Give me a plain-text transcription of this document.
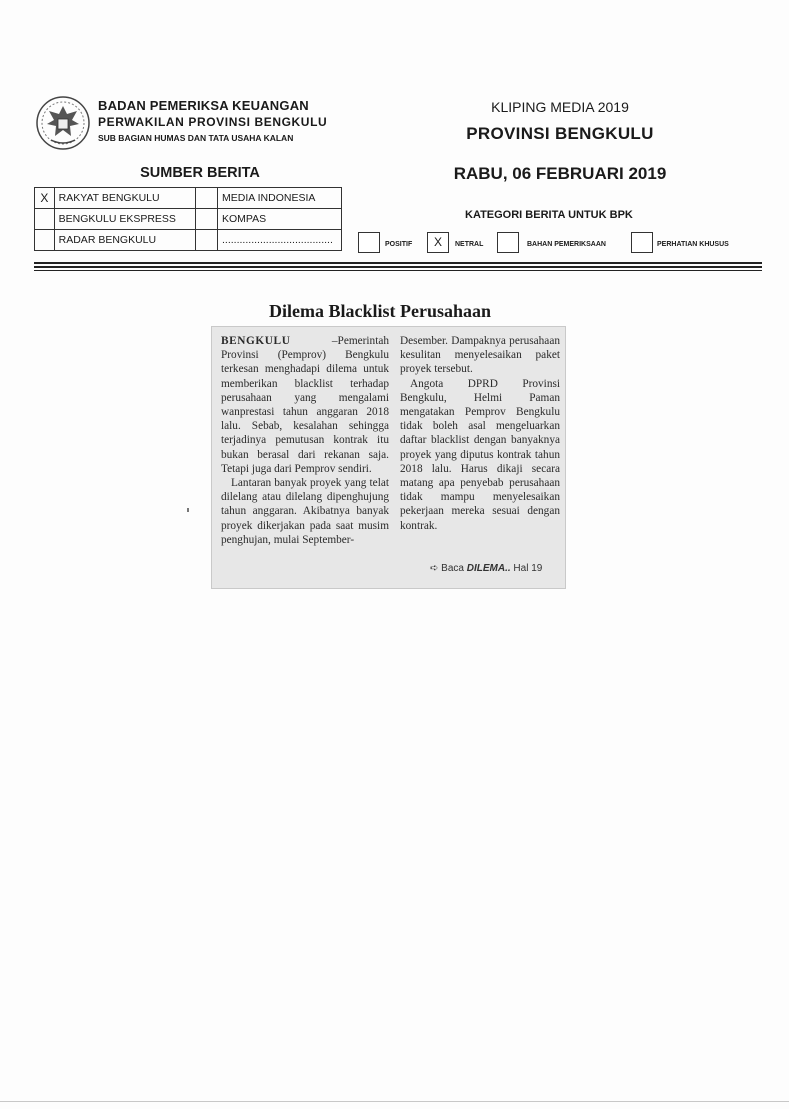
BADAN PEMERIKSA KEUANGAN
PERWAKILAN PROVINSI BENGKULU
SUB BAGIAN HUMAS DAN TATA USAHA KALAN
KLIPING MEDIA 2019
PROVINSI BENGKULU
RABU, 06 FEBRUARI 2019
SUMBER BERITA
X	RAKYAT BENGKULU		MEDIA INDONESIA
	BENGKULU EKSPRESS		KOMPAS
	RADAR BENGKULU		......................................
KATEGORI BERITA UNTUK BPK
POSITIF	X	NETRAL	BAHAN PEMERIKSAAN	PERHATIAN KHUSUS
Dilema Blacklist Perusahaan

BENGKULU –Pemerintah Provinsi (Pemprov) Bengkulu terkesan menghadapi dilema untuk memberikan blacklist terhadap perusahaan yang mengalami wanprestasi tahun anggaran 2018 lalu. Sebab, kesalahan sehingga terjadinya pemutusan kontrak itu bukan berasal dari rekanan saja. Tetapi juga dari Pemprov sendiri.

Lantaran banyak proyek yang telat dilelang atau dilelang dipenghujung tahun anggaran. Akibatnya banyak proyek dikerjakan pada saat musim penghujan, mulai September-

Desember. Dampaknya perusahaan kesulitan menyelesaikan paket proyek tersebut.

Angota DPRD Provinsi Bengkulu, Helmi Paman mengatakan Pemprov Bengkulu tidak boleh asal mengeluarkan daftar blacklist dengan banyaknya proyek yang diputus kontrak tahun 2018 lalu. Harus dikaji secara matang apa penyebab perusahaan tidak mampu menyelesaikan pekerjaan mereka sesuai dengan kontrak.

➪ Baca DILEMA.. Hal 19
